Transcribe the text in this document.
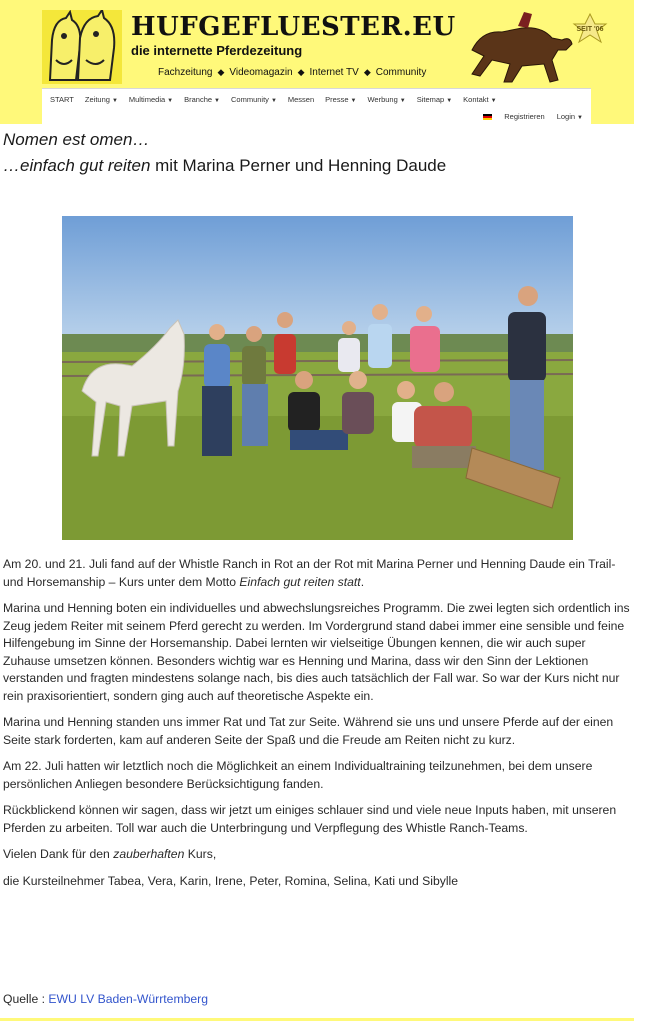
HUFGEFLUESTER.EU
die internette Pferdezeitung
Fachzeitung ◆ Videomagazin ◆ Internet TV ◆ Community
SEIT '06
START Zeitung ▼ Multimedia ▼ Branche ▼ Community ▼ Messen Presse ▼ Werbung ▼ Sitemap ▼ Kontakt ▼
Registrieren Login ▼
Nomen est omen…
…einfach gut reiten mit Marina Perner und Henning Daude

Am 20. und 21. Juli fand auf der Whistle Ranch in Rot an der Rot mit Marina Perner und Henning Daude ein Trail- und Horsemanship – Kurs unter dem Motto Einfach gut reiten statt.

Marina und Henning boten ein individuelles und abwechslungsreiches Programm. Die zwei legten sich ordentlich ins Zeug jedem Reiter mit seinem Pferd gerecht zu werden. Im Vordergrund stand dabei immer eine sensible und feine Hilfengebung im Sinne der Horsemanship. Dabei lernten wir vielseitige Übungen kennen, die wir auch super Zuhause umsetzen können. Besonders wichtig war es Henning und Marina, dass wir den Sinn der Lektionen verstanden und fragten mindestens solange nach, bis dies auch tatsächlich der Fall war. So war der Kurs nicht nur rein praxisorientiert, sondern ging auch auf theoretische Aspekte ein.

Marina und Henning standen uns immer Rat und Tat zur Seite. Während sie uns und unsere Pferde auf der einen Seite stark forderten, kam auf anderen Seite der Spaß und die Freude am Reiten nicht zu kurz.

Am 22. Juli hatten wir letztlich noch die Möglichkeit an einem Individualtraining teilzunehmen, bei dem unsere persönlichen Anliegen besondere Berücksichtigung fanden.

Rückblickend können wir sagen, dass wir jetzt um einiges schlauer sind und viele neue Inputs haben, mit unseren Pferden zu arbeiten. Toll war auch die Unterbringung und Verpflegung des Whistle Ranch-Teams.

Vielen Dank für den zauberhaften Kurs,

die Kursteilnehmer Tabea, Vera, Karin, Irene, Peter, Romina, Selina, Kati und Sibylle

Quelle : EWU LV Baden-Würrtemberg
